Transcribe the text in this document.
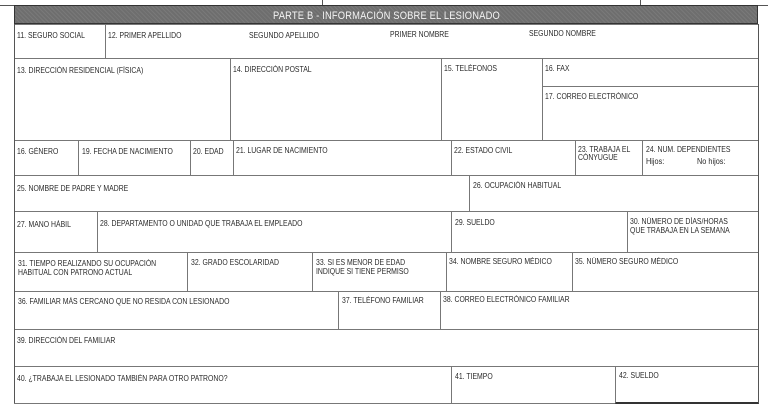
PARTE B - INFORMACIÓN SOBRE EL LESIONADO
11. SEGURO SOCIAL	12. PRIMER APELLIDO	SEGUNDO APELLIDO	PRIMER NOMBRE	SEGUNDO NOMBRE
13. DIRECCIÓN RESIDENCIAL (FÍSICA)	14. DIRECCIÓN POSTAL	15. TELÉFONOS	16. FAX
17. CORREO ELECTRÓNICO
16. GÉNERO	19. FECHA DE NACIMIENTO	20. EDAD 21. LUGAR DE NACIMIENTO	22. ESTADO CIVIL	23. TRABAJA EL
CÓNYUGUE
24. NUM. DEPENDIENTES
Hijos:	No hijos:
25. NOMBRE DE PADRE Y MADRE	26. OCUPACIÓN HABITUAL
27. MANO HÁBIL	28. DEPARTAMENTO O UNIDAD QUE TRABAJA EL EMPLEADO	29. SUELDO	30. NÚMERO DE DÍAS/HORAS
QUE TRABAJA EN LA SEMANA
31. TIEMPO REALIZANDO SU OCUPACIÓN
HABITUAL CON PATRONO ACTUAL
32. GRADO ESCOLARIDAD	33. SI ES MENOR DE EDAD
INDIQUE SI TIENE PERMISO
34. NOMBRE SEGURO MÉDICO	35. NÚMERO SEGURO MÉDICO
36. FAMILIAR MÁS CERCANO QUE NO RESIDA CON LESIONADO	37. TELÉFONO FAMILIAR 38. CORREO ELECTRÓNICO FAMILIAR
39. DIRECCIÓN DEL FAMILIAR
40. ¿TRABAJA EL LESIONADO TAMBIÉN PARA OTRO PATRONO?	41. TIEMPO	42. SUELDO
